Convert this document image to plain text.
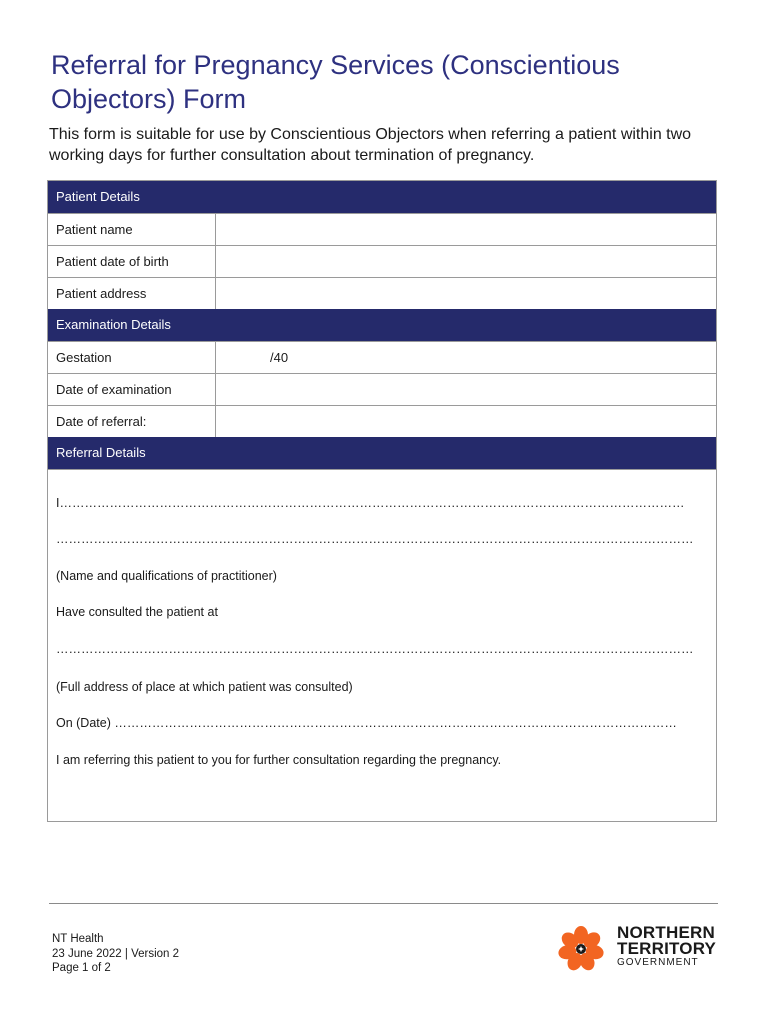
Referral for Pregnancy Services (Conscientious Objectors) Form

This form is suitable for use by Conscientious Objectors when referring a patient within two working days for further consultation about termination of pregnancy.

Patient Details
Patient name
Patient date of birth
Patient address
Examination Details
Gestation	/40
Date of examination
Date of referral:
Referral Details
I……………………………………………………………………………………………………………………………………
………………………………………………………………………………………………………………………………………
(Name and qualifications of practitioner)
Have consulted the patient at
………………………………………………………………………………………………………………………………………
(Full address of place at which patient was consulted)
On (Date) ………………………………………………………………………………………………………………………
I am referring this patient to you for further consultation regarding the pregnancy.
NT Health
23 June 2022 | Version 2
Page 1 of 2
NORTHERN
TERRITORY
GOVERNMENT
